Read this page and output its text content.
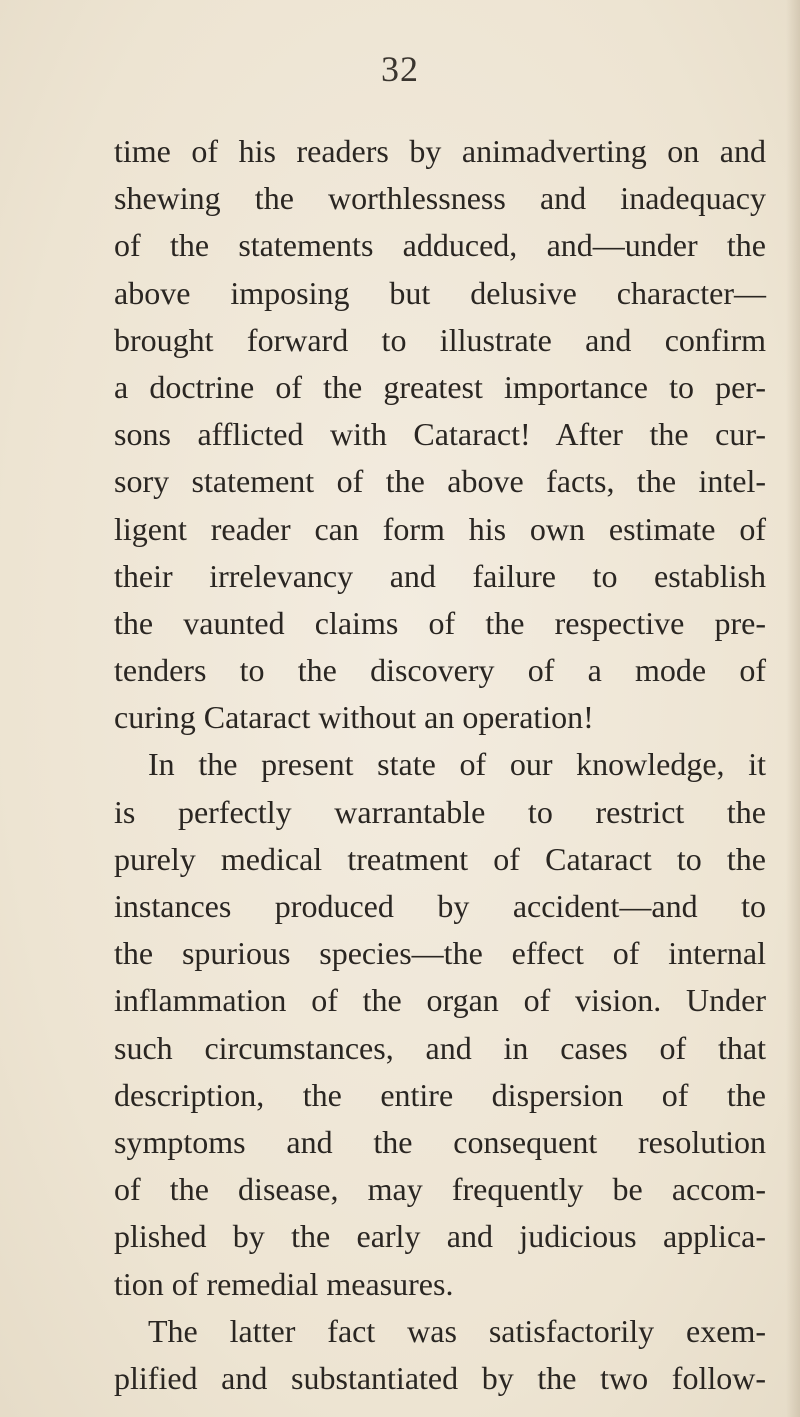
32
time of his readers by animadverting on and
shewing the worthlessness and inadequacy
of the statements adduced, and—under the
above imposing but delusive character—
brought forward to illustrate and confirm
a doctrine of the greatest importance to per-
sons afflicted with Cataract! After the cur-
sory statement of the above facts, the intel-
ligent reader can form his own estimate of
their irrelevancy and failure to establish
the vaunted claims of the respective pre-
tenders to the discovery of a mode of
curing Cataract without an operation!
In the present state of our knowledge, it
is perfectly warrantable to restrict the
purely medical treatment of Cataract to the
instances produced by accident—and to
the spurious species—the effect of internal
inflammation of the organ of vision. Under
such circumstances, and in cases of that
description, the entire dispersion of the
symptoms and the consequent resolution
of the disease, may frequently be accom-
plished by the early and judicious applica-
tion of remedial measures.
The latter fact was satisfactorily exem-
plified and substantiated by the two follow-
